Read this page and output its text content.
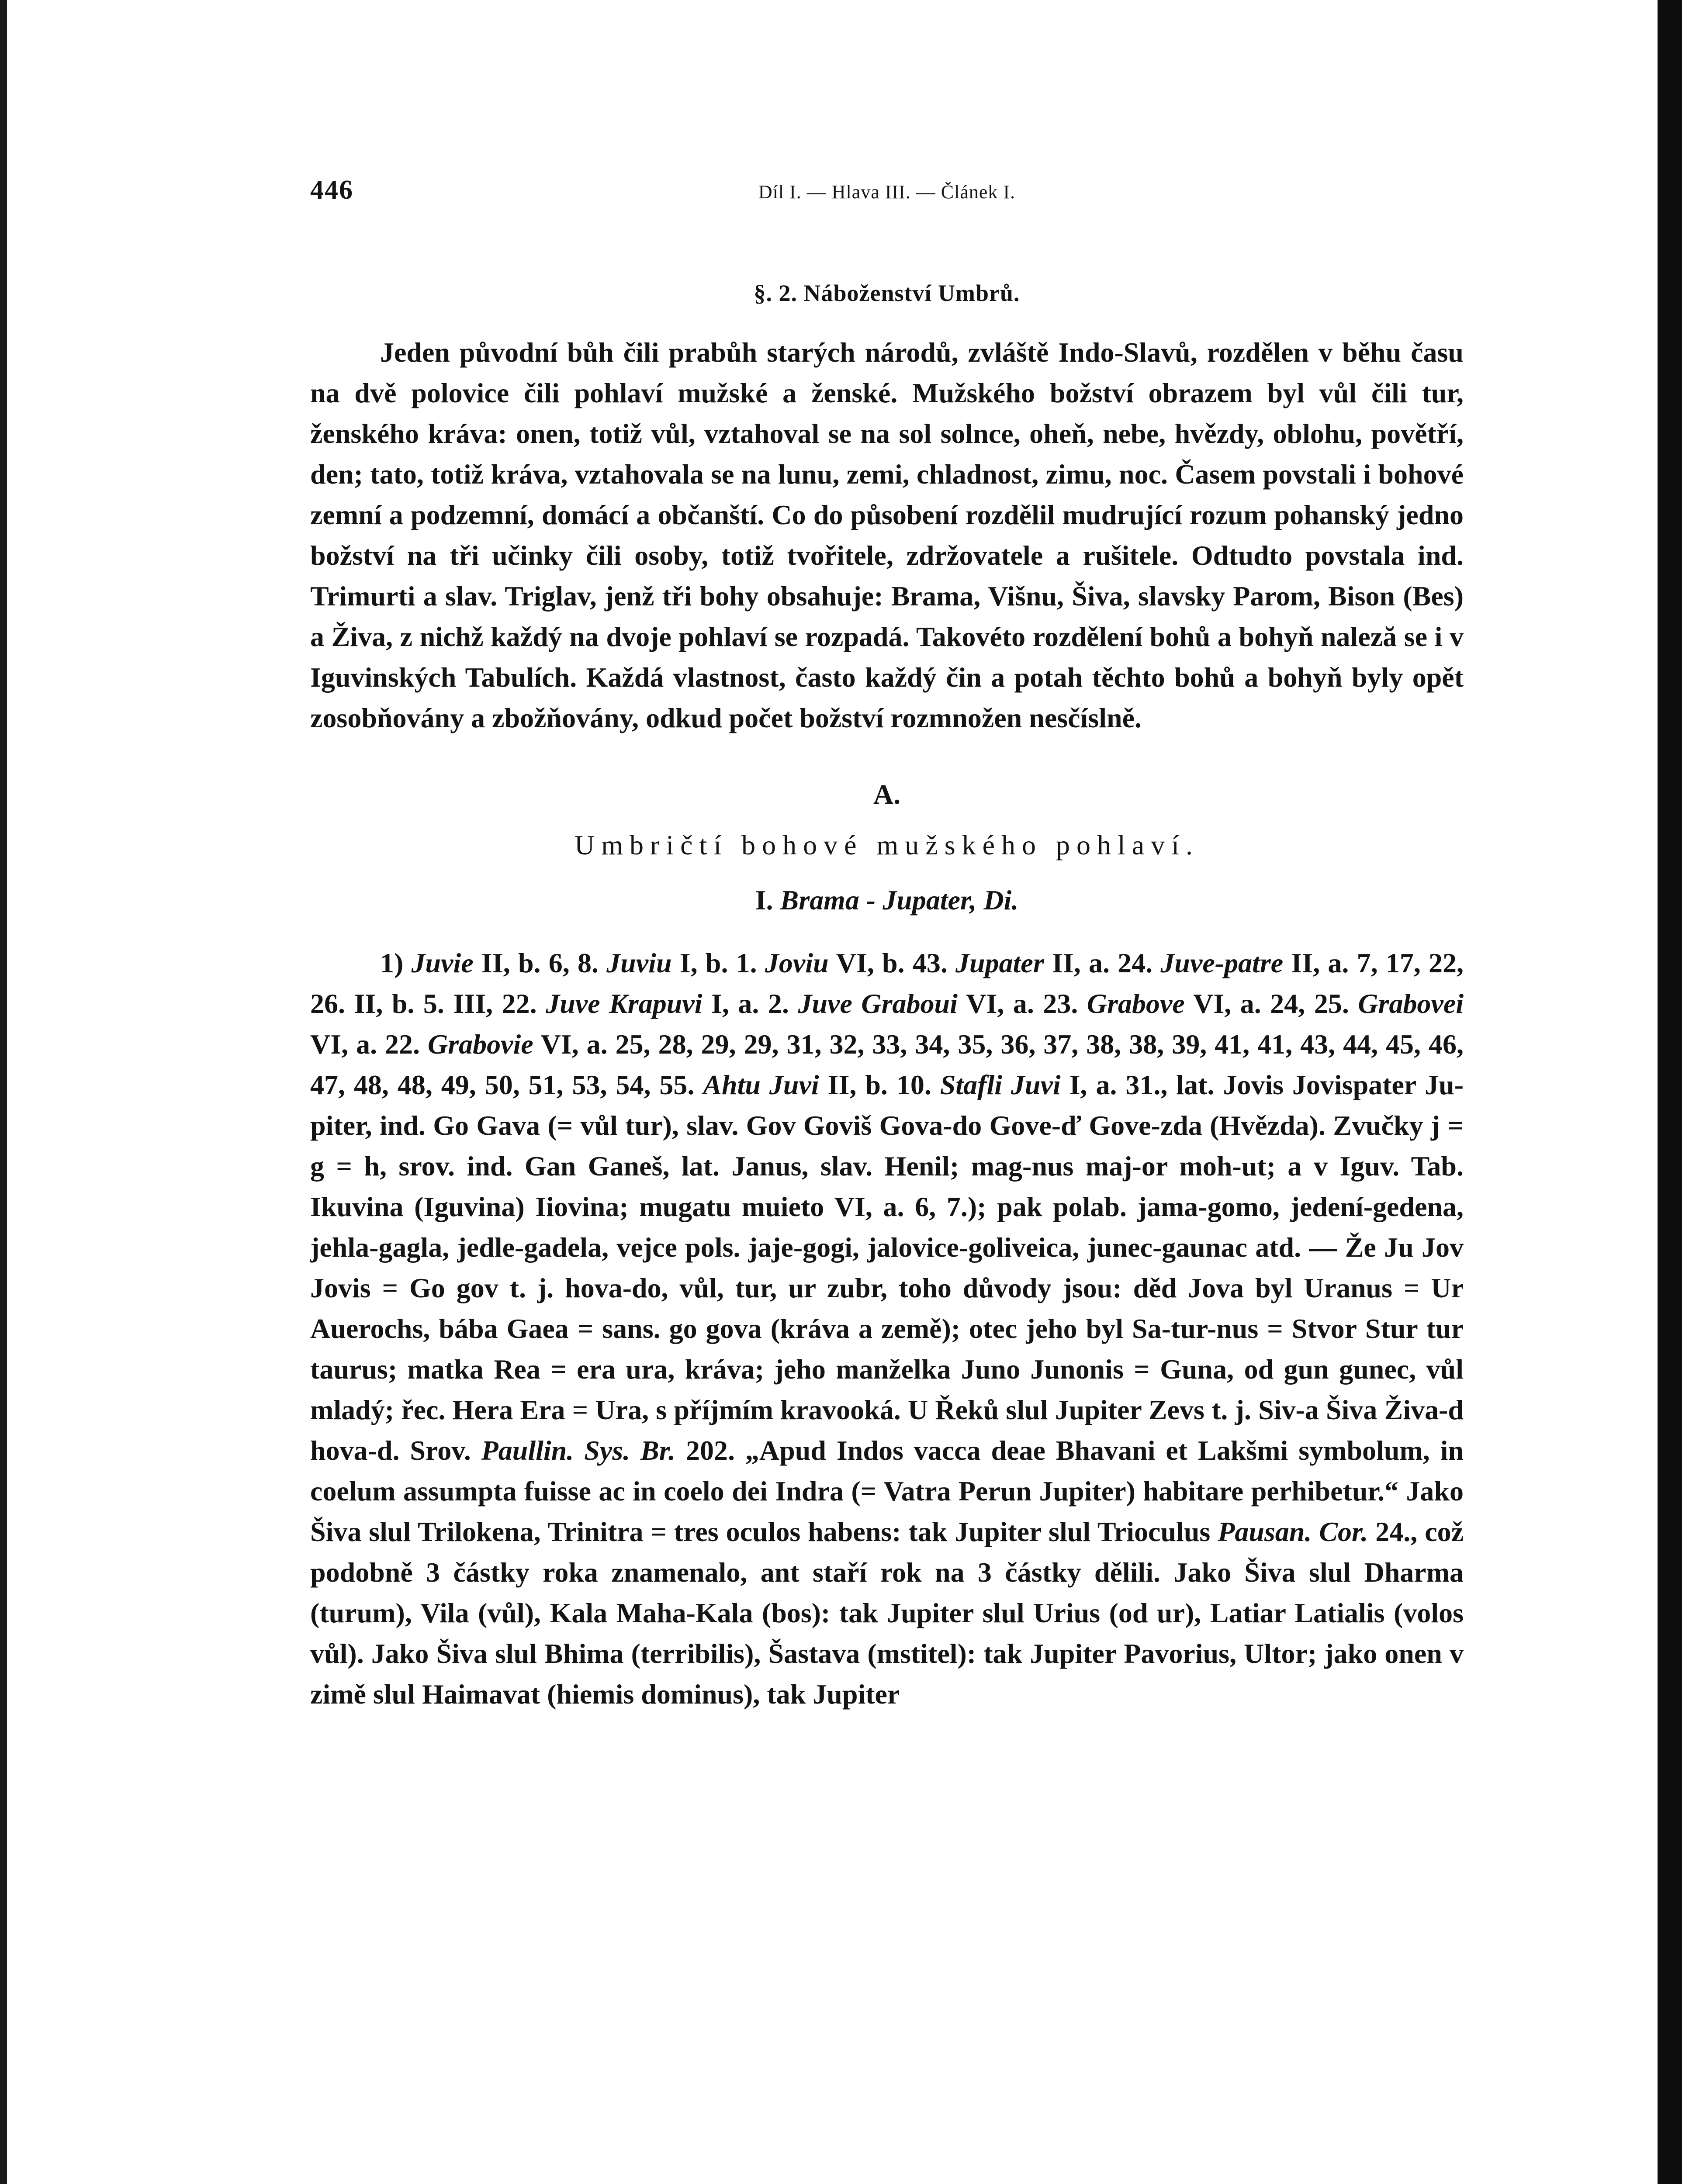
446	Díl I. — Hlava III. — Článek I.
§. 2. Náboženství Umbrů.

Jeden původní bůh čili prabůh starých národů, zvláště Indo-Slavů, rozdělen v běhu času na dvě polovice čili pohlaví mužské a ženské. Mužského božství obrazem byl vůl čili tur, ženského kráva: onen, totiž vůl, vztahoval se na sol solnce, oheň, nebe, hvězdy, oblohu, povětří, den; tato, totiž kráva, vztahovala se na lunu, zemi, chladnost, zimu, noc. Časem povstali i bohové zemní a podzemní, domácí a občanští. Co do působení rozdělil mudrující rozum pohanský jedno božství na tři učinky čili osoby, totiž tvořitele, zdržovatele a rušitele. Odtudto povstala ind. Trimurti a slav. Triglav, jenž tři bohy obsahuje: Brama, Višnu, Šiva, slavsky Parom, Bison (Bes) a Živa, z nichž každý na dvoje pohlaví se rozpadá. Takovéto rozdělení bohů a bohyň naleză se i v Iguvinských Tabulích. Každá vlastnost, často každý čin a potah těchto bohů a bohyň byly opět zosobňovány a zbožňovány, odkud počet božství rozmnožen nesčíslně.

A.
Umbričtí bohové mužského pohlaví.
I. Brama - Jupater, Di.

1) Juvie II, b. 6, 8. Juviu I, b. 1. Joviu VI, b. 43. Jupater II, a. 24. Juve-patre II, a. 7, 17, 22, 26. II, b. 5. III, 22. Juve Krapuvi I, a. 2. Juve Graboui VI, a. 23. Grabove VI, a. 24, 25. Grabovei VI, a. 22. Grabovie VI, a. 25, 28, 29, 29, 31, 32, 33, 34, 35, 36, 37, 38, 38, 39, 41, 41, 43, 44, 45, 46, 47, 48, 48, 49, 50, 51, 53, 54, 55. Ahtu Juvi II, b. 10. Stafli Juvi I, a. 31., lat. Jovis Jovispater Ju-piter, ind. Go Gava (= vůl tur), slav. Gov Goviš Gova-do Gove-ď Gove-zda (Hvězda). Zvučky j = g = h, srov. ind. Gan Ganeš, lat. Janus, slav. Henil; mag-nus maj-or moh-ut; a v Iguv. Tab. Ikuvina (Iguvina) Iiovina; mugatu muieto VI, a. 6, 7.); pak polab. jama-gomo, jedení-gedena, jehla-gagla, jedle-gadela, vejce pols. jaje-gogi, jalovice-goliveica, junec-gaunac atd. — Že Ju Jov Jovis = Go gov t. j. hova-do, vůl, tur, ur zubr, toho důvody jsou: děd Jova byl Uranus = Ur Auerochs, bába Gaea = sans. go gova (kráva a země); otec jeho byl Sa-tur-nus = Stvor Stur tur taurus; matka Rea = era ura, kráva; jeho manželka Juno Junonis = Guna, od gun gunec, vůl mladý; řec. Hera Era = Ura, s příjmím kravooká. U Řeků slul Jupiter Zevs t. j. Siv-a Šiva Živa-d hova-d. Srov. Paullin. Sys. Br. 202. „Apud Indos vacca deae Bhavani et Lakšmi symbolum, in coelum assumpta fuisse ac in coelo dei Indra (= Vatra Perun Jupiter) habitare perhibetur.“ Jako Šiva slul Trilokena, Trinitra = tres oculos habens: tak Jupiter slul Trioculus Pausan. Cor. 24., což podobně 3 částky roka znamenalo, ant staří rok na 3 částky dělili. Jako Šiva slul Dharma (turum), Vila (vůl), Kala Maha-Kala (bos): tak Jupiter slul Urius (od ur), Latiar Latialis (volos vůl). Jako Šiva slul Bhima (terribilis), Šastava (mstitel): tak Jupiter Pavorius, Ultor; jako onen v zimě slul Haimavat (hiemis dominus), tak Jupiter
